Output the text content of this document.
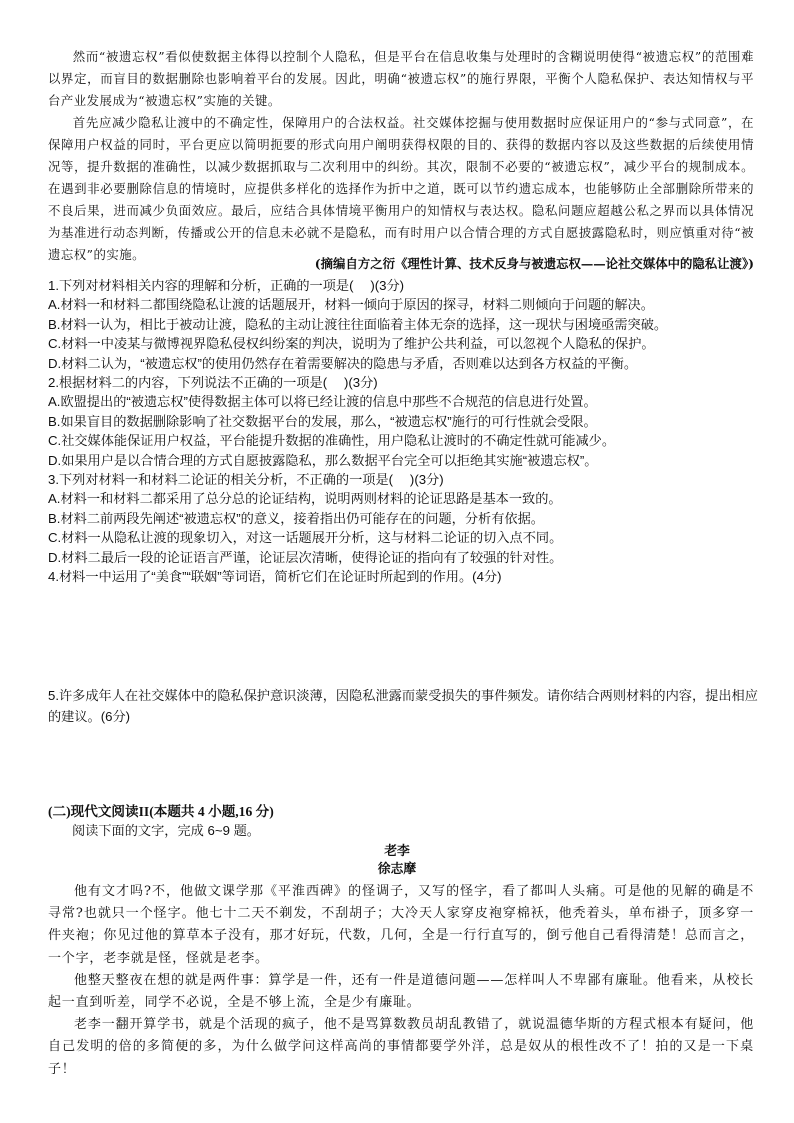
然而“被遗忘权”看似使数据主体得以控制个人隐私，但是平台在信息收集与处理时的含糊说明使得“被遗忘权”的范围难以界定，而盲目的数据删除也影响着平台的发展。因此，明确“被遗忘权”的施行界限，平衡个人隐私保护、表达知情权与平台产业发展成为“被遗忘权”实施的关键。

首先应减少隐私让渡中的不确定性，保障用户的合法权益。社交媒体挖掘与使用数据时应保证用户的“参与式同意”，在保障用户权益的同时，平台更应以简明扼要的形式向用户阐明获得权限的目的、获得的数据内容以及这些数据的后续使用情况等，提升数据的准确性，以减少数据抓取与二次利用中的纠纷。其次，限制不必要的“被遗忘权”，减少平台的规制成本。在遇到非必要删除信息的情境时，应提供多样化的选择作为折中之道，既可以节约遗忘成本，也能够防止全部删除所带来的不良后果，进而减少负面效应。最后，应结合具体情境平衡用户的知情权与表达权。隐私问题应超越公私之界而以具体情况为基准进行动态判断，传播或公开的信息未必就不是隐私，而有时用户以合情合理的方式自愿披露隐私时，则应慎重对待“被遗忘权”的实施。

(摘编自方之衍《理性计算、技术反身与被遗忘权——论社交媒体中的隐私让渡》)

1.下列对材料相关内容的理解和分析，正确的一项是(　 )(3分)

A.材料一和材料二都围绕隐私让渡的话题展开，材料一倾向于原因的探寻，材料二则倾向于问题的解决。

B.材料一认为，相比于被动让渡，隐私的主动让渡往往面临着主体无奈的选择，这一现状与困境亟需突破。

C.材料一中凌某与微博视界隐私侵权纠纷案的判决，说明为了维护公共利益，可以忽视个人隐私的保护。

D.材料二认为，“被遗忘权”的使用仍然存在着需要解决的隐患与矛盾，否则难以达到各方权益的平衡。

2.根据材料二的内容，下列说法不正确的一项是(　 )(3分)

A.欧盟提出的“被遗忘权”使得数据主体可以将已经让渡的信息中那些不合规范的信息进行处置。

B.如果盲目的数据删除影响了社交数据平台的发展，那么，“被遗忘权”施行的可行性就会受限。

C.社交媒体能保证用户权益，平台能提升数据的准确性，用户隐私让渡时的不确定性就可能减少。

D.如果用户是以合情合理的方式自愿披露隐私，那么数据平台完全可以拒绝其实施“被遗忘权”。

3.下列对材料一和材料二论证的相关分析，不正确的一项是(　 )(3分)

A.材料一和材料二都采用了总分总的论证结构，说明两则材料的论证思路是基本一致的。

B.材料二前两段先阐述“被遗忘权”的意义，接着指出仍可能存在的问题，分析有依据。

C.材料一从隐私让渡的现象切入，对这一话题展开分析，这与材料二论证的切入点不同。

D.材料二最后一段的论证语言严谨，论证层次清晰，使得论证的指向有了较强的针对性。

4.材料一中运用了“美食”“联姻”等词语，简析它们在论证时所起到的作用。(4分)

5.许多成年人在社交媒体中的隐私保护意识淡薄，因隐私泄露而蒙受损失的事件频发。请你结合两则材料的内容，提出相应的建议。(6分)

(二)现代文阅读II(本题共 4 小题,16 分)
阅读下面的文字，完成 6~9 题。
老李
徐志摩

他有文才吗?不，他做文课学那《平淮西碑》的怪调子，又写的怪字，看了都叫人头痛。可是他的见解的确是不寻常?也就只一个怪字。他七十二天不剃发，不刮胡子；大冷天人家穿皮袍穿棉袄，他秃着头，单布褂子，顶多穿一件夹袍；你见过他的算草本子没有，那才好玩，代数，几何，全是一行行直写的，倒亏他自己看得清楚！总而言之，一个字，老李就是怪，怪就是老李。

他整天整夜在想的就是两件事：算学是一件，还有一件是道德问题——怎样叫人不卑鄙有廉耻。他看来，从校长起一直到听差，同学不必说，全是不够上流，全是少有廉耻。

老李一翻开算学书，就是个活现的疯子，他不是骂算数教员胡乱教错了，就说温德华斯的方程式根本有疑问，他自己发明的倍的多简便的多，为什么做学问这样高尚的事情都要学外洋，总是奴从的根性改不了！拍的又是一下桌子！
